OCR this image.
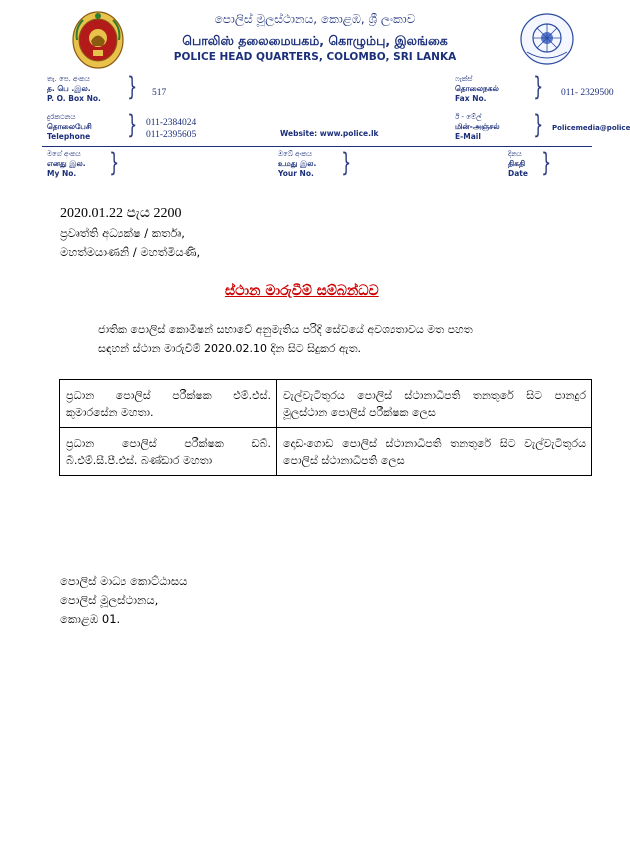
පොලිස් මූලස්ථානය, කොළඹ, ශ්‍රී ලංකාව
பொலிஸ் தலைமையகம், கொழும்பு, இலங்கை
POLICE HEAD QUARTERS, COLOMBO, SRI LANKA
තැ. පෙ. අංකය
த. பெ .இல.
P. O. Box No. } 517
ෆැක්ස්
தொலைநகல்
Fax No.	} 011- 2329500
දුරකථනය
தொலைபேசி
Telephone } 011-2384024
011-2395605	Website: www.police.lk
ඊ - මේල්
மின்-அஞ்சல்
E-Mail	} Policemedia@police
මගේ අංකය
எனது இல.
My No.	}	ඔබේ අංකය
உமது இல.
Your No. }	දිනය
திகதி
Date }
2020.01.22 පැය 2200
ප්‍රවෘත්ති අධ්‍යක්ෂ / කර්තෘ,
මහත්මයාණනි / මහත්මියණි,
ස්ථාන මාරුවීම් සම්බන්ධව
ජාතික පොලිස් කොමිෂන් සභාවේ අනුමැතිය පරිදි සේවයේ අවශ්‍යතාවය මත පහත
සඳහන් ස්ථාන මාරුවීම් 2020.02.10 දින සිට සිදුකර ඇත.
ප්‍රධාන පොලිස් පරීක්ෂක එම්.එස්. කුමාරසේන මහතා.	වැල්වැටිතුරය පොලිස් ස්ථානාධිපති තනතුරේ සිට පානදුර මූලස්ථාන පොලිස් පරීක්ෂක ලෙස
ප්‍රධාන පොලිස් පරීක්ෂක ඩබ්. බී.එම්.සී.පී.එස්. බණ්ඩාර මහතා	දොඩංගොඩ පොලිස් ස්ථානාධිපති තනතුරේ සිට වැල්වැටිතුරය පොලිස් ස්ථානාධිපති ලෙස
පොලිස් මාධ්‍ය කොට්ඨාසය
පොලිස් මූලස්ථානය,
කොළඹ 01.
